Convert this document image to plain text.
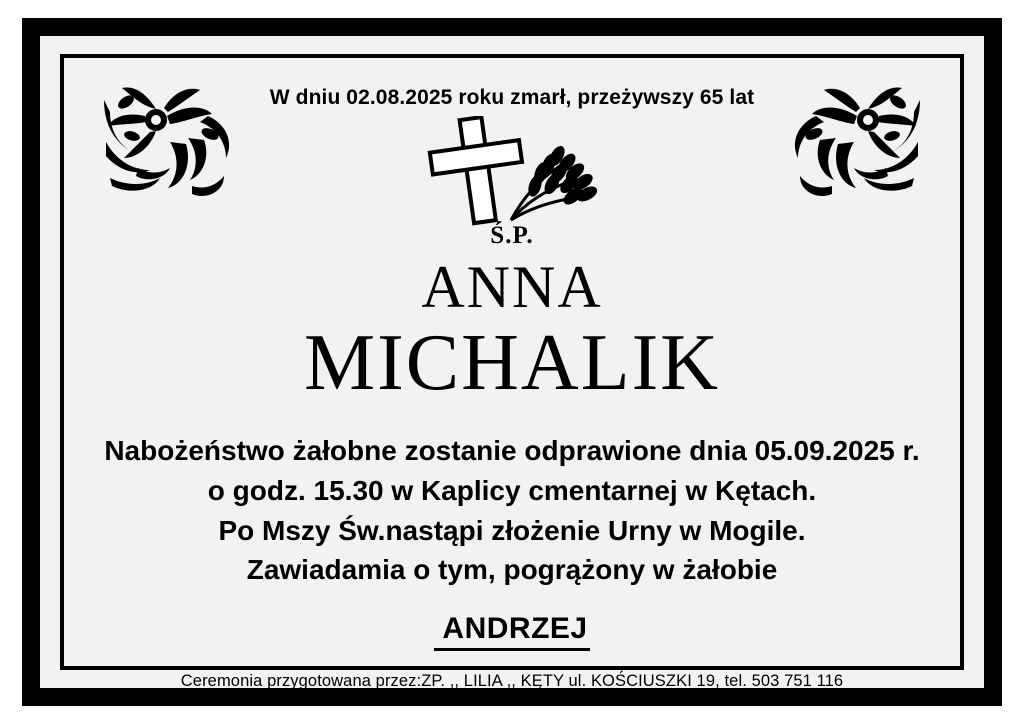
W dniu 02.08.2025 roku zmarł, przeżywszy 65 lat
Ś.P.
ANNA
MICHALIK
Nabożeństwo żałobne zostanie odprawione dnia 05.09.2025 r.
o godz. 15.30 w Kaplicy cmentarnej w Kętach.
Po Mszy Św.nastąpi złożenie Urny w Mogile.
Zawiadamia o tym, pogrążony w żałobie
ANDRZEJ
Ceremonia przygotowana przez:ZP. ,, LILIA ,, KĘTY ul. KOŚCIUSZKI 19, tel. 503 751 116
